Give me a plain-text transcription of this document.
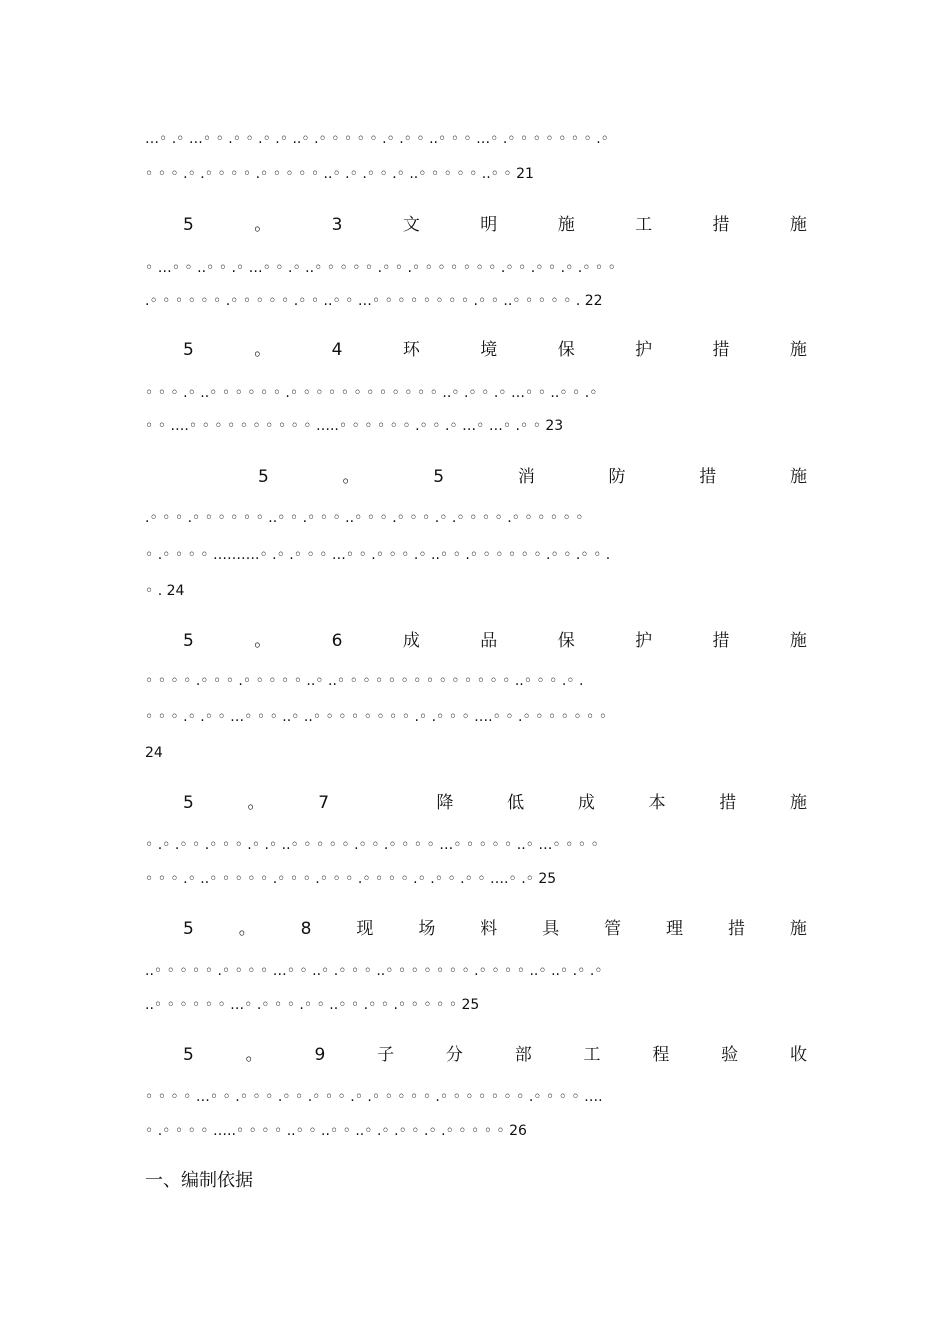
…◦ .◦ …◦ ◦ .◦ ◦ .◦ .◦ ..◦ .◦ ◦ ◦ ◦ ◦ .◦ .◦ ◦ ..◦ ◦ ◦ …◦ .◦ ◦ ◦ ◦ ◦ ◦ ◦ .◦
◦ ◦ ◦ .◦ .◦ ◦ ◦ ◦ .◦ ◦ ◦ ◦ ◦ ..◦ .◦ .◦ ◦ .◦ ..◦ ◦ ◦ ◦ ◦ ..◦ ◦ 21
5	。	3	文	明	施	工	措	施
◦ …◦ ◦ ..◦ ◦ .◦ …◦ ◦ .◦ ..◦ ◦ ◦ ◦ ◦ .◦ ◦ .◦ ◦ ◦ ◦ ◦ ◦ ◦ .◦ ◦ .◦ ◦ .◦ .◦ ◦ ◦
.◦ ◦ ◦ ◦ ◦ ◦ .◦ ◦ ◦ ◦ ◦ .◦ ◦ ..◦ ◦ …◦ ◦ ◦ ◦ ◦ ◦ ◦ ◦ .◦ ◦ ..◦ ◦ ◦ ◦ ◦ . 22
5	。	4	环	境	保	护	措	施
◦ ◦ ◦ .◦ ..◦ ◦ ◦ ◦ ◦ ◦ .◦ ◦ ◦ ◦ ◦ ◦ ◦ ◦ ◦ ◦ ◦ ◦ ..◦ .◦ ◦ .◦ …◦ ◦ ..◦ ◦ .◦
◦ ◦ ….◦ ◦ ◦ ◦ ◦ ◦ ◦ ◦ ◦ ◦ …..◦ ◦ ◦ ◦ ◦ ◦ .◦ ◦ .◦ …◦ …◦ .◦ ◦ 23
5	。	5	消	防	措	施
.◦ ◦ ◦ .◦ ◦ ◦ ◦ ◦ ◦ ..◦ ◦ .◦ ◦ ◦ ..◦ ◦ ◦ .◦ ◦ ◦ .◦ .◦ ◦ ◦ ◦ .◦ ◦ ◦ ◦ ◦ ◦
◦ .◦ ◦ ◦ ◦ ……….◦ .◦ .◦ ◦ ◦ …◦ ◦ .◦ ◦ ◦ .◦ ..◦ ◦ .◦ ◦ ◦ ◦ ◦ ◦ .◦ ◦ .◦ ◦ .
◦ . 24
5	。	6	成	品	保	护	措	施
◦ ◦ ◦ ◦ .◦ ◦ ◦ .◦ ◦ ◦ ◦ ◦ ..◦ ..◦ ◦ ◦ ◦ ◦ ◦ ◦ ◦ ◦ ◦ ◦ ◦ ◦ ◦ ..◦ ◦ ◦ .◦ .
◦ ◦ ◦ .◦ .◦ ◦ …◦ ◦ ◦ ..◦ ..◦ ◦ ◦ ◦ ◦ ◦ ◦ ◦ .◦ .◦ ◦ ◦ ….◦ ◦ .◦ ◦ ◦ ◦ ◦ ◦ ◦
24
5	。	7	降	低	成	本	措	施
◦ .◦ .◦ ◦ .◦ ◦ ◦ .◦ .◦ ..◦ ◦ ◦ ◦ ◦ .◦ ◦ .◦ ◦ ◦ ◦ …◦ ◦ ◦ ◦ ◦ ..◦ …◦ ◦ ◦ ◦
◦ ◦ ◦ .◦ ..◦ ◦ ◦ ◦ ◦ .◦ ◦ ◦ .◦ ◦ ◦ .◦ ◦ ◦ ◦ .◦ .◦ ◦ .◦ ◦ ….◦ .◦ 25
5	。	8	现	场	料	具	管	理	措	施
..◦ ◦ ◦ ◦ ◦ .◦ ◦ ◦ ◦ …◦ ◦ ..◦ .◦ ◦ ◦ ..◦ ◦ ◦ ◦ ◦ ◦ ◦ .◦ ◦ ◦ ◦ ..◦ ..◦ .◦ .◦
..◦ ◦ ◦ ◦ ◦ ◦ …◦ .◦ ◦ ◦ .◦ ◦ ..◦ ◦ .◦ ◦ .◦ ◦ ◦ ◦ ◦ 25
5	。	9	子	分	部	工	程	验	收
◦ ◦ ◦ ◦ …◦ ◦ .◦ ◦ ◦ .◦ ◦ .◦ ◦ ◦ .◦ .◦ ◦ ◦ ◦ ◦ .◦ ◦ ◦ ◦ ◦ ◦ ◦ .◦ ◦ ◦ ◦ ….
◦ .◦ ◦ ◦ ◦ …..◦ ◦ ◦ ◦ ..◦ ◦ ..◦ ◦ ..◦ .◦ .◦ ◦ .◦ .◦ ◦ ◦ ◦ ◦ 26
一、编制依据
